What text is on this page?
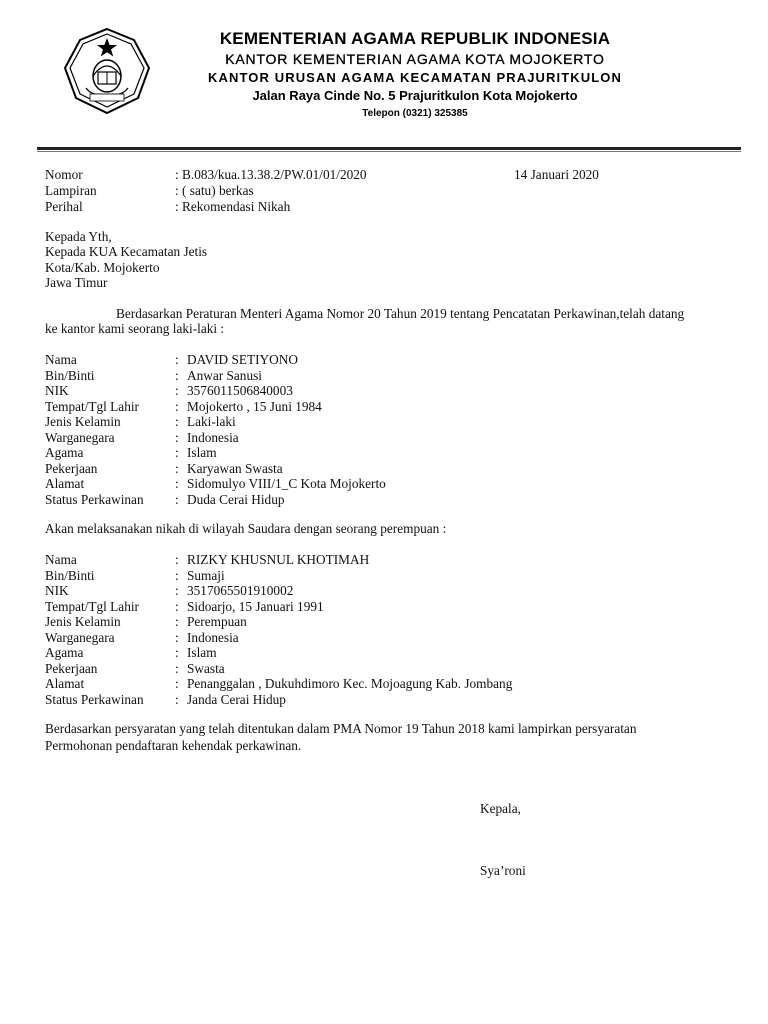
KEMENTERIAN AGAMA REPUBLIK INDONESIA
KANTOR KEMENTERIAN AGAMA KOTA MOJOKERTO
KANTOR URUSAN AGAMA KECAMATAN PRAJURITKULON
Jalan Raya Cinde No. 5 Prajuritkulon Kota Mojokerto
Telepon (0321) 325385
Nomor	: B.083/kua.13.38.2/PW.01/01/2020	14 Januari 2020
Lampiran	: ( satu) berkas
Perihal	: Rekomendasi Nikah
Kepada Yth,
Kepada KUA Kecamatan Jetis
Kota/Kab. Mojokerto
Jawa Timur
Berdasarkan Peraturan Menteri Agama Nomor 20 Tahun 2019 tentang Pencatatan Perkawinan,telah datang
ke kantor kami seorang laki-laki :
Nama	: DAVID SETIYONO
Bin/Binti	: Anwar Sanusi
NIK	: 3576011506840003
Tempat/Tgl Lahir	: Mojokerto , 15 Juni 1984
Jenis Kelamin	: Laki-laki
Warganegara	: Indonesia
Agama	: Islam
Pekerjaan	: Karyawan Swasta
Alamat	: Sidomulyo VIII/1_C Kota Mojokerto
Status Perkawinan : Duda Cerai Hidup
Akan melaksanakan nikah di wilayah Saudara dengan seorang perempuan :
Nama	: RIZKY KHUSNUL KHOTIMAH
Bin/Binti	: Sumaji
NIK	: 3517065501910002
Tempat/Tgl Lahir	: Sidoarjo, 15 Januari 1991
Jenis Kelamin	: Perempuan
Warganegara	: Indonesia
Agama	: Islam
Pekerjaan	: Swasta
Alamat	: Penanggalan , Dukuhdimoro Kec. Mojoagung Kab. Jombang
Status Perkawinan : Janda Cerai Hidup
Berdasarkan persyaratan yang telah ditentukan dalam PMA Nomor 19 Tahun 2018 kami lampirkan persyaratan
Permohonan pendaftaran kehendak perkawinan.
Kepala,
Sya’roni
